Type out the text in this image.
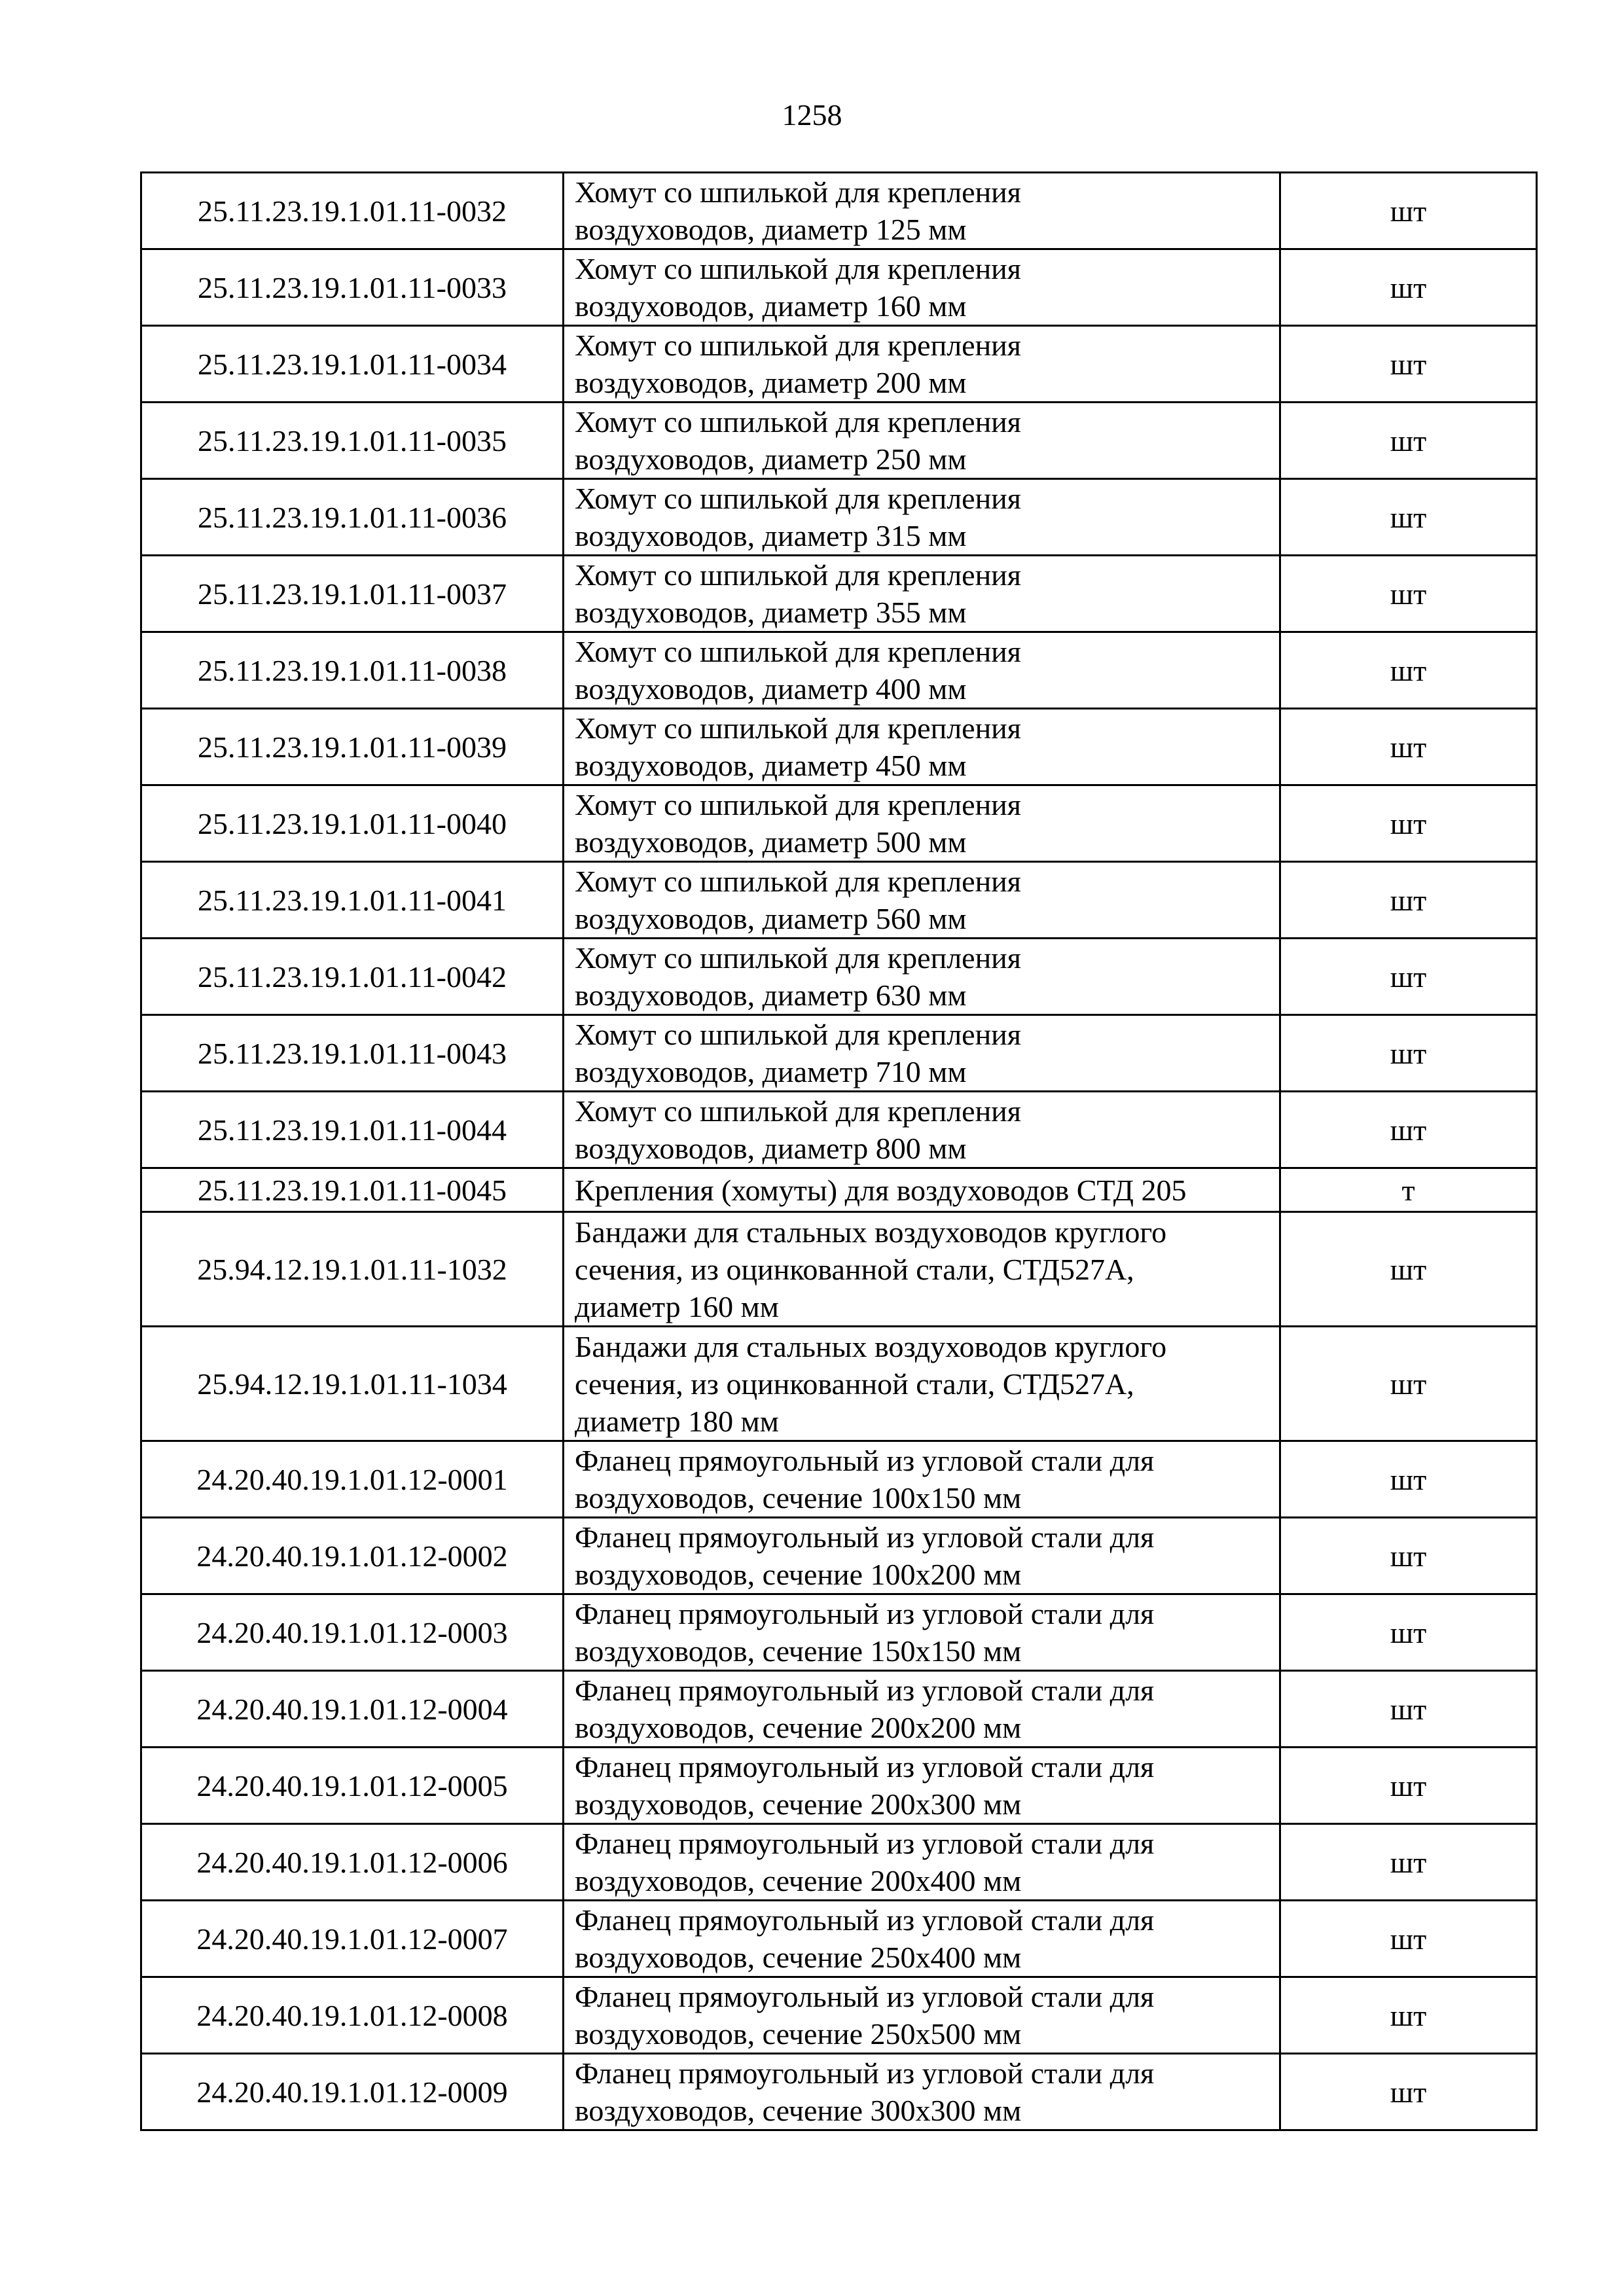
1258
25.11.23.19.1.01.11-0032	Хомут со шпилькой для крепления
воздуховодов, диаметр 125 мм	шт
25.11.23.19.1.01.11-0033	Хомут со шпилькой для крепления
воздуховодов, диаметр 160 мм	шт
25.11.23.19.1.01.11-0034	Хомут со шпилькой для крепления
воздуховодов, диаметр 200 мм	шт
25.11.23.19.1.01.11-0035	Хомут со шпилькой для крепления
воздуховодов, диаметр 250 мм	шт
25.11.23.19.1.01.11-0036	Хомут со шпилькой для крепления
воздуховодов, диаметр 315 мм	шт
25.11.23.19.1.01.11-0037	Хомут со шпилькой для крепления
воздуховодов, диаметр 355 мм	шт
25.11.23.19.1.01.11-0038	Хомут со шпилькой для крепления
воздуховодов, диаметр 400 мм	шт
25.11.23.19.1.01.11-0039	Хомут со шпилькой для крепления
воздуховодов, диаметр 450 мм	шт
25.11.23.19.1.01.11-0040	Хомут со шпилькой для крепления
воздуховодов, диаметр 500 мм	шт
25.11.23.19.1.01.11-0041	Хомут со шпилькой для крепления
воздуховодов, диаметр 560 мм	шт
25.11.23.19.1.01.11-0042	Хомут со шпилькой для крепления
воздуховодов, диаметр 630 мм	шт
25.11.23.19.1.01.11-0043	Хомут со шпилькой для крепления
воздуховодов, диаметр 710 мм	шт
25.11.23.19.1.01.11-0044	Хомут со шпилькой для крепления
воздуховодов, диаметр 800 мм	шт
25.11.23.19.1.01.11-0045	Крепления (хомуты) для воздуховодов СТД 205	т
25.94.12.19.1.01.11-1032	Бандажи для стальных воздуховодов круглого
сечения, из оцинкованной стали, СТД527А,
диаметр 160 мм	шт
25.94.12.19.1.01.11-1034	Бандажи для стальных воздуховодов круглого
сечения, из оцинкованной стали, СТД527А,
диаметр 180 мм	шт
24.20.40.19.1.01.12-0001	Фланец прямоугольный из угловой стали для
воздуховодов, сечение 100x150 мм	шт
24.20.40.19.1.01.12-0002	Фланец прямоугольный из угловой стали для
воздуховодов, сечение 100x200 мм	шт
24.20.40.19.1.01.12-0003	Фланец прямоугольный из угловой стали для
воздуховодов, сечение 150x150 мм	шт
24.20.40.19.1.01.12-0004	Фланец прямоугольный из угловой стали для
воздуховодов, сечение 200x200 мм	шт
24.20.40.19.1.01.12-0005	Фланец прямоугольный из угловой стали для
воздуховодов, сечение 200x300 мм	шт
24.20.40.19.1.01.12-0006	Фланец прямоугольный из угловой стали для
воздуховодов, сечение 200x400 мм	шт
24.20.40.19.1.01.12-0007	Фланец прямоугольный из угловой стали для
воздуховодов, сечение 250x400 мм	шт
24.20.40.19.1.01.12-0008	Фланец прямоугольный из угловой стали для
воздуховодов, сечение 250x500 мм	шт
24.20.40.19.1.01.12-0009	Фланец прямоугольный из угловой стали для
воздуховодов, сечение 300x300 мм	шт
